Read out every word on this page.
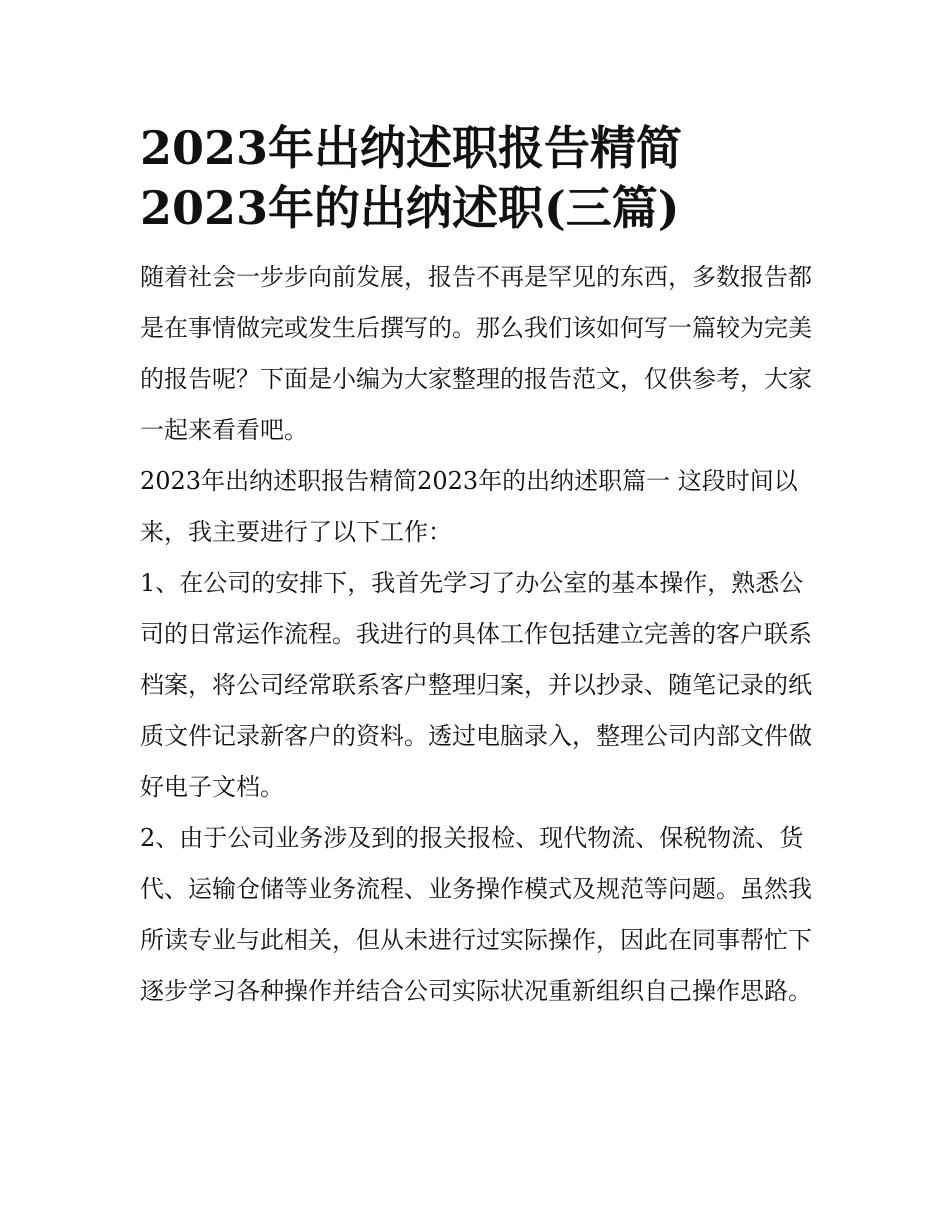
2023年出纳述职报告精简
2023年的出纳述职(三篇)

随着社会一步步向前发展，报告不再是罕见的东西，多数报告都是在事情做完或发生后撰写的。那么我们该如何写一篇较为完美的报告呢？下面是小编为大家整理的报告范文，仅供参考，大家一起来看看吧。

2023年出纳述职报告精简2023年的出纳述职篇一 这段时间以来，我主要进行了以下工作：

1、在公司的安排下，我首先学习了办公室的基本操作，熟悉公司的日常运作流程。我进行的具体工作包括建立完善的客户联系档案，将公司经常联系客户整理归案，并以抄录、随笔记录的纸质文件记录新客户的资料。透过电脑录入，整理公司内部文件做好电子文档。

2、由于公司业务涉及到的报关报检、现代物流、保税物流、货代、运输仓储等业务流程、业务操作模式及规范等问题。虽然我所读专业与此相关，但从未进行过实际操作，因此在同事帮忙下逐步学习各种操作并结合公司实际状况重新组织自己操作思路。
